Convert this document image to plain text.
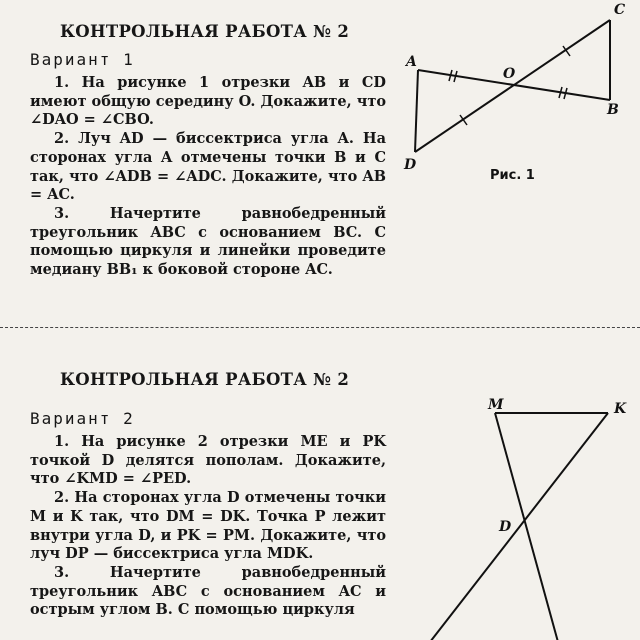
КОНТРОЛЬНАЯ РАБОТА № 2
Вариант 1

1. На рисунке 1 отрезки AB и CD имеют общую середину O. Докажите, что ∠DAO = ∠CBO.

2. Луч AD — биссектриса угла A. На сторонах угла A отмечены точки B и C так, что ∠ADB = ∠ADC. Докажите, что AB = AC.

3. Начертите равнобедренный треугольник ABC с основанием BC. С помощью циркуля и линейки проведите медиану BB₁ к боковой стороне AC.

КОНТРОЛЬНАЯ РАБОТА № 2
Вариант 2

1. На рисунке 2 отрезки ME и PK точкой D делятся пополам. Докажите, что ∠KMD = ∠PED.

2. На сторонах угла D отмечены точки M и K так, что DM = DK. Точка P лежит внутри угла D, и PK = PM. Докажите, что луч DP — биссектриса угла MDK.

3. Начертите равнобедренный треугольник ABC с основанием AC и острым углом B. С помощью циркуля

A
C
B
D
O
Рис. 1
M	K
D
